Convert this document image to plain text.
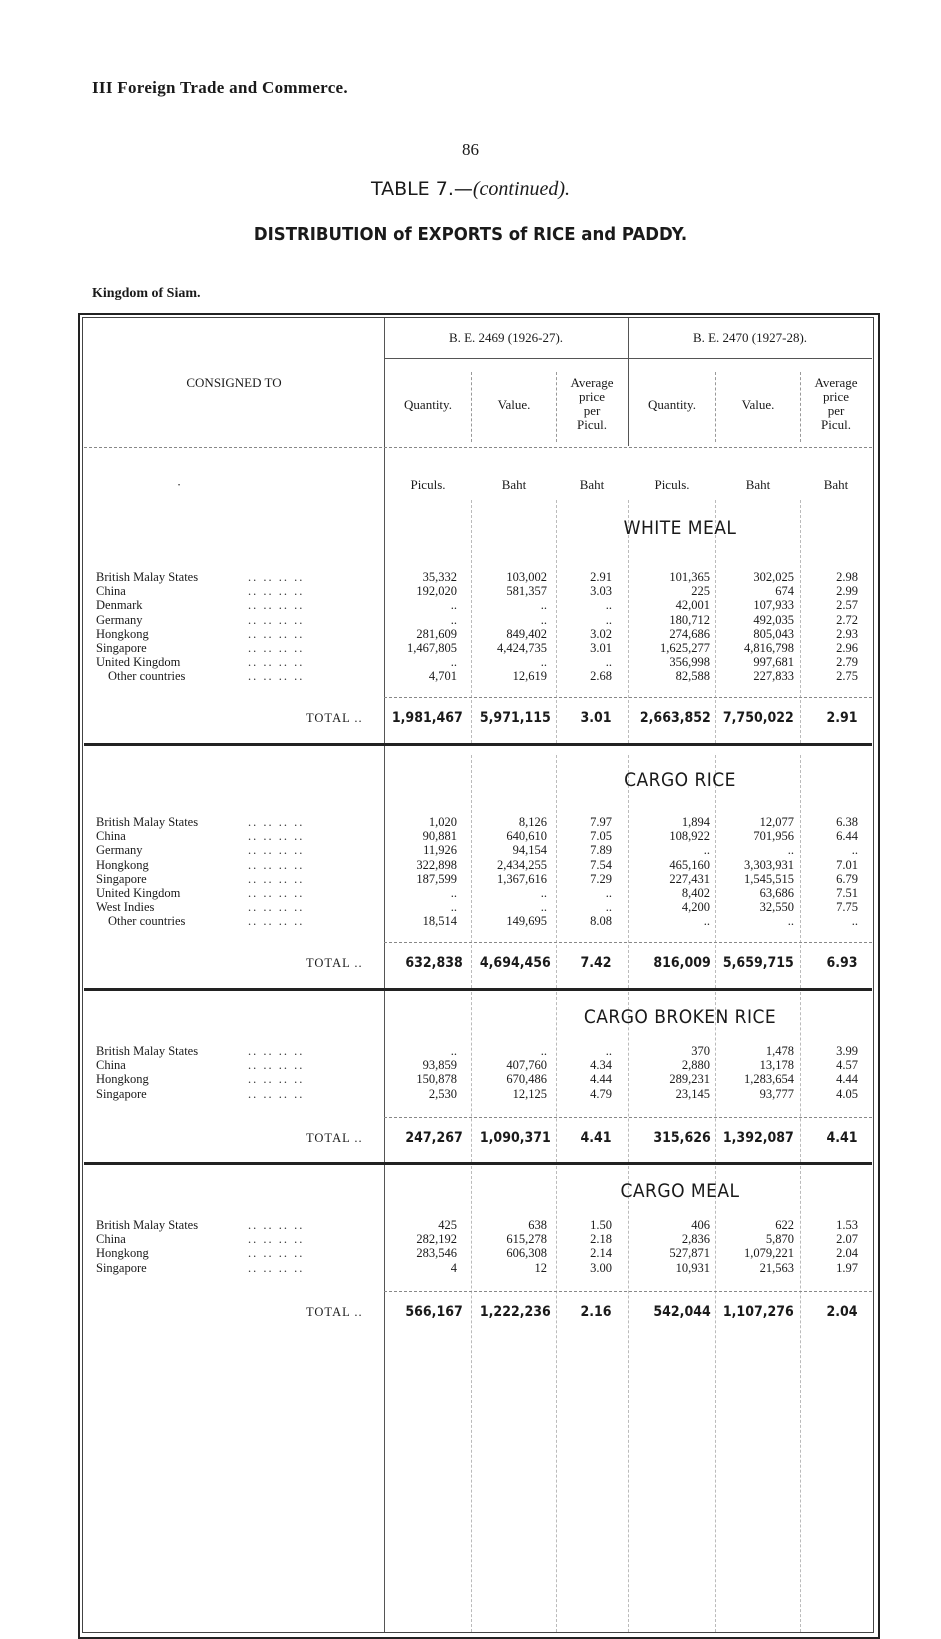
III Foreign Trade and Commerce.
86
TABLE 7.—(continued).
DISTRIBUTION of EXPORTS of RICE and PADDY.
Kingdom of Siam.
CONSIGNED TO
B. E. 2469 (1926-27).	B. E. 2470 (1927-28).
Quantity.	Value.
Average
price
per
Picul.
Quantity.	Value.
Average
price
per
Picul.
·	Piculs.	Baht	Baht	Piculs.	Baht	Baht
WHITE MEAL
British Malay States	.. .. .. ..	35,332	103,002	2.91	101,365	302,025	2.98
China	.. .. .. ..	192,020	581,357	3.03	225	674	2.99
Denmark	.. .. .. ..	..	..	..	42,001	107,933	2.57
Germany	.. .. .. ..	..	..	..	180,712	492,035	2.72
Hongkong	.. .. .. ..	281,609	849,402	3.02	274,686	805,043	2.93
Singapore	.. .. .. ..	1,467,805	4,424,735	3.01	1,625,277	4,816,798	2.96
United Kingdom	.. .. .. ..	..	..	..	356,998	997,681	2.79
Other countries	.. .. .. ..	4,701	12,619	2.68	82,588	227,833	2.75
TOTAL .. 1,981,467 5,971,115 3.01 2,663,852 7,750,022 2.91
CARGO RICE
British Malay States	.. .. .. ..	1,020	8,126	7.97	1,894	12,077	6.38
China	.. .. .. ..	90,881	640,610	7.05	108,922	701,956	6.44
Germany	.. .. .. ..	11,926	94,154	7.89	..	..	..
Hongkong	.. .. .. ..	322,898	2,434,255	7.54	465,160	3,303,931	7.01
Singapore	.. .. .. ..	187,599	1,367,616	7.29	227,431	1,545,515	6.79
United Kingdom	.. .. .. ..	..	..	..	8,402	63,686	7.51
West Indies	.. .. .. ..	..	..	..	4,200	32,550	7.75
Other countries	.. .. .. ..	18,514	149,695	8.08	..	..	..
TOTAL ..	632,838 4,694,456 7.42	816,009 5,659,715 6.93
CARGO BROKEN RICE
British Malay States	.. .. .. ..	..	..	..	370	1,478	3.99
China	.. .. .. ..	93,859	407,760	4.34	2,880	13,178	4.57
Hongkong	.. .. .. ..	150,878	670,486	4.44	289,231	1,283,654	4.44
Singapore	.. .. .. ..	2,530	12,125	4.79	23,145	93,777	4.05
TOTAL ..	247,267 1,090,371 4.41	315,626 1,392,087 4.41
CARGO MEAL
British Malay States	.. .. .. ..	425	638	1.50	406	622	1.53
China	.. .. .. ..	282,192	615,278	2.18	2,836	5,870	2.07
Hongkong	.. .. .. ..	283,546	606,308	2.14	527,871	1,079,221	2.04
Singapore	.. .. .. ..	4	12	3.00	10,931	21,563	1.97
TOTAL ..	566,167 1,222,236 2.16	542,044 1,107,276 2.04
